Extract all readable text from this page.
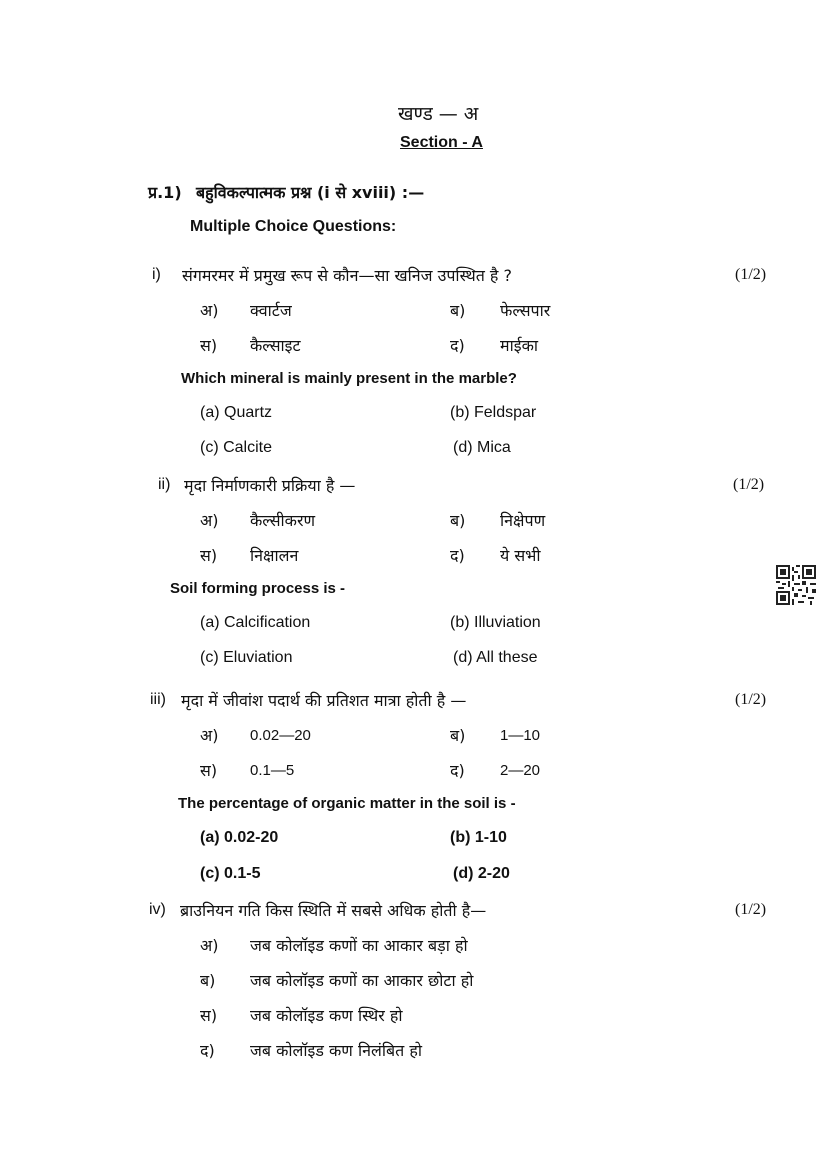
खण्ड — अ
Section - A
प्र.1) बहुविकल्पात्मक प्रश्न (i से xviii) :—
Multiple Choice Questions:
i) संगमरमर में प्रमुख रूप से कौन—सा खनिज उपस्थित है ?	(1/2)
अ) क्वार्टज	ब) फेल्सपार
स) कैल्साइट	द) माईका
Which mineral is mainly present in the marble?
(a) Quartz	(b) Feldspar
(c) Calcite	(d) Mica
ii) मृदा निर्माणकारी प्रक्रिया है —	(1/2)
अ) कैल्सीकरण	ब) निक्षेपण
स) निक्षालन	द) ये सभी
Soil forming process is -
(a) Calcification	(b) Illuviation
(c) Eluviation	(d) All these
iii) मृदा में जीवांश पदार्थ की प्रतिशत मात्रा होती है —	(1/2)
अ) 0.02—20	ब) 1—10
स) 0.1—5	द) 2—20
The percentage of organic matter in the soil is -
(a) 0.02-20	(b) 1-10
(c) 0.1-5	(d) 2-20
iv) ब्राउनियन गति किस स्थिति में सबसे अधिक होती है—	(1/2)
अ) जब कोलॉइड कणों का आकार बड़ा हो
ब) जब कोलॉइड कणों का आकार छोटा हो
स) जब कोलॉइड कण स्थिर हो
द) जब कोलॉइड कण निलंबित हो
